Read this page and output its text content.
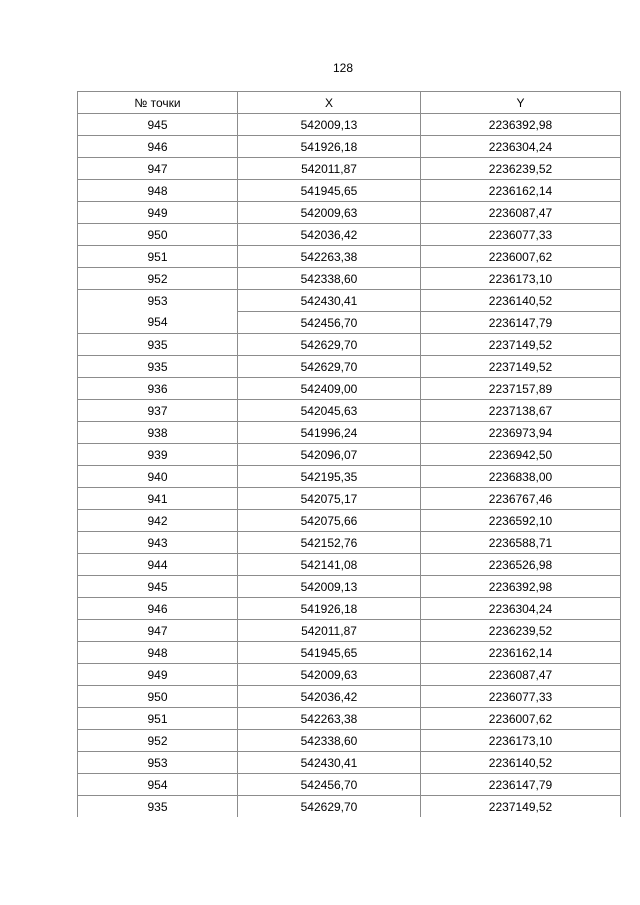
128
№ точки	X	Y
945	542009,13	2236392,98
946	541926,18	2236304,24
947	542011,87	2236239,52
948	541945,65	2236162,14
949	542009,63	2236087,47
950	542036,42	2236077,33
951	542263,38	2236007,62
952	542338,60	2236173,10
953	542430,41	2236140,52
954	542456,70	2236147,79
935	542629,70	2237149,52
935	542629,70	2237149,52
936	542409,00	2237157,89
937	542045,63	2237138,67
938	541996,24	2236973,94
939	542096,07	2236942,50
940	542195,35	2236838,00
941	542075,17	2236767,46
942	542075,66	2236592,10
943	542152,76	2236588,71
944	542141,08	2236526,98
945	542009,13	2236392,98
946	541926,18	2236304,24
947	542011,87	2236239,52
948	541945,65	2236162,14
949	542009,63	2236087,47
950	542036,42	2236077,33
951	542263,38	2236007,62
952	542338,60	2236173,10
953	542430,41	2236140,52
954	542456,70	2236147,79
935	542629,70	2237149,52
